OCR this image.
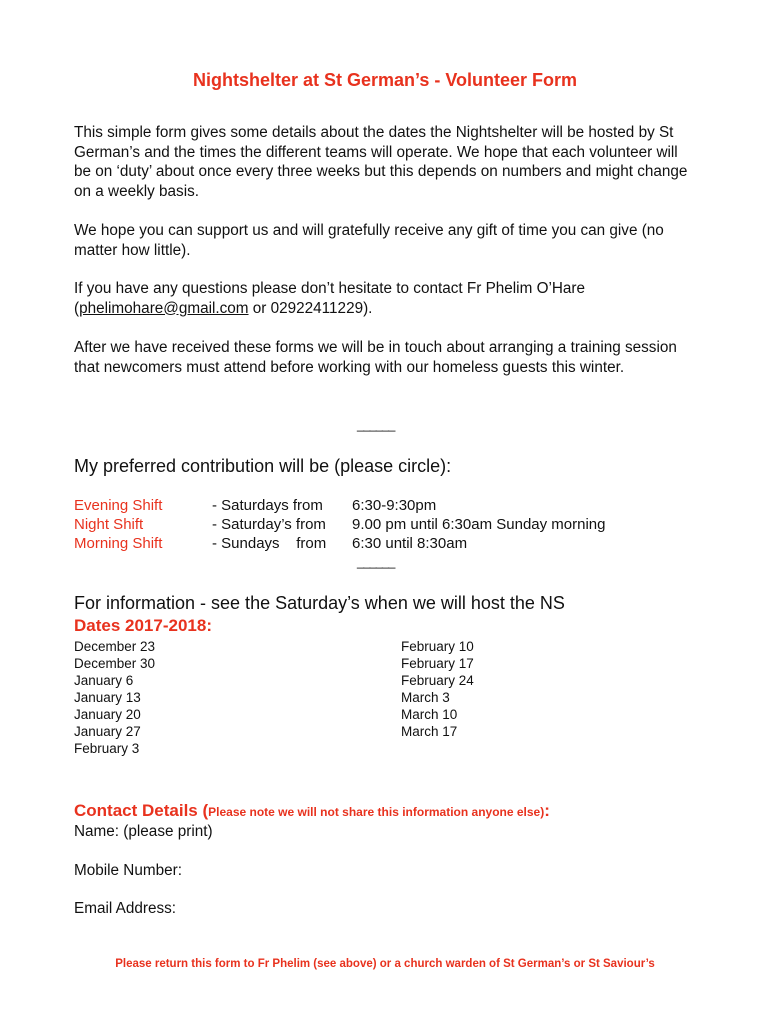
Nightshelter at St German’s - Volunteer Form

This simple form gives some details about the dates the Nightshelter will be hosted by St German’s and the times the different teams will operate. We hope that each volunteer will be on ‘duty’ about once every three weeks but this depends on numbers and might change on a weekly basis.

We hope you can support us and will gratefully receive any gift of time you can give (no matter how little).

If you have any questions please don’t hesitate to contact Fr Phelim O’Hare (phelimohare@gmail.com or 02922411229).

After we have received these forms we will be in touch about arranging a training session that newcomers must attend before working with our homeless guests this winter.

______
My preferred contribution will be (please circle):
Evening Shift	- Saturdays from	6:30-9:30pm
Night Shift	- Saturday’s from	9.00 pm until 6:30am Sunday morning
Morning Shift	- Sundays    from	6:30 until 8:30am
______
For information - see the Saturday’s when we will host the NS
Dates 2017-2018:
December 23
December 30
January 6
January 13
January 20
January 27
February 3
February 10
February 17
February 24
March 3
March 10
March 17
Contact Details (Please note we will not share this information anyone else):
Name: (please print)
Mobile Number:
Email Address:
Please return this form to Fr Phelim (see above) or a church warden of St German’s or St Saviour’s
